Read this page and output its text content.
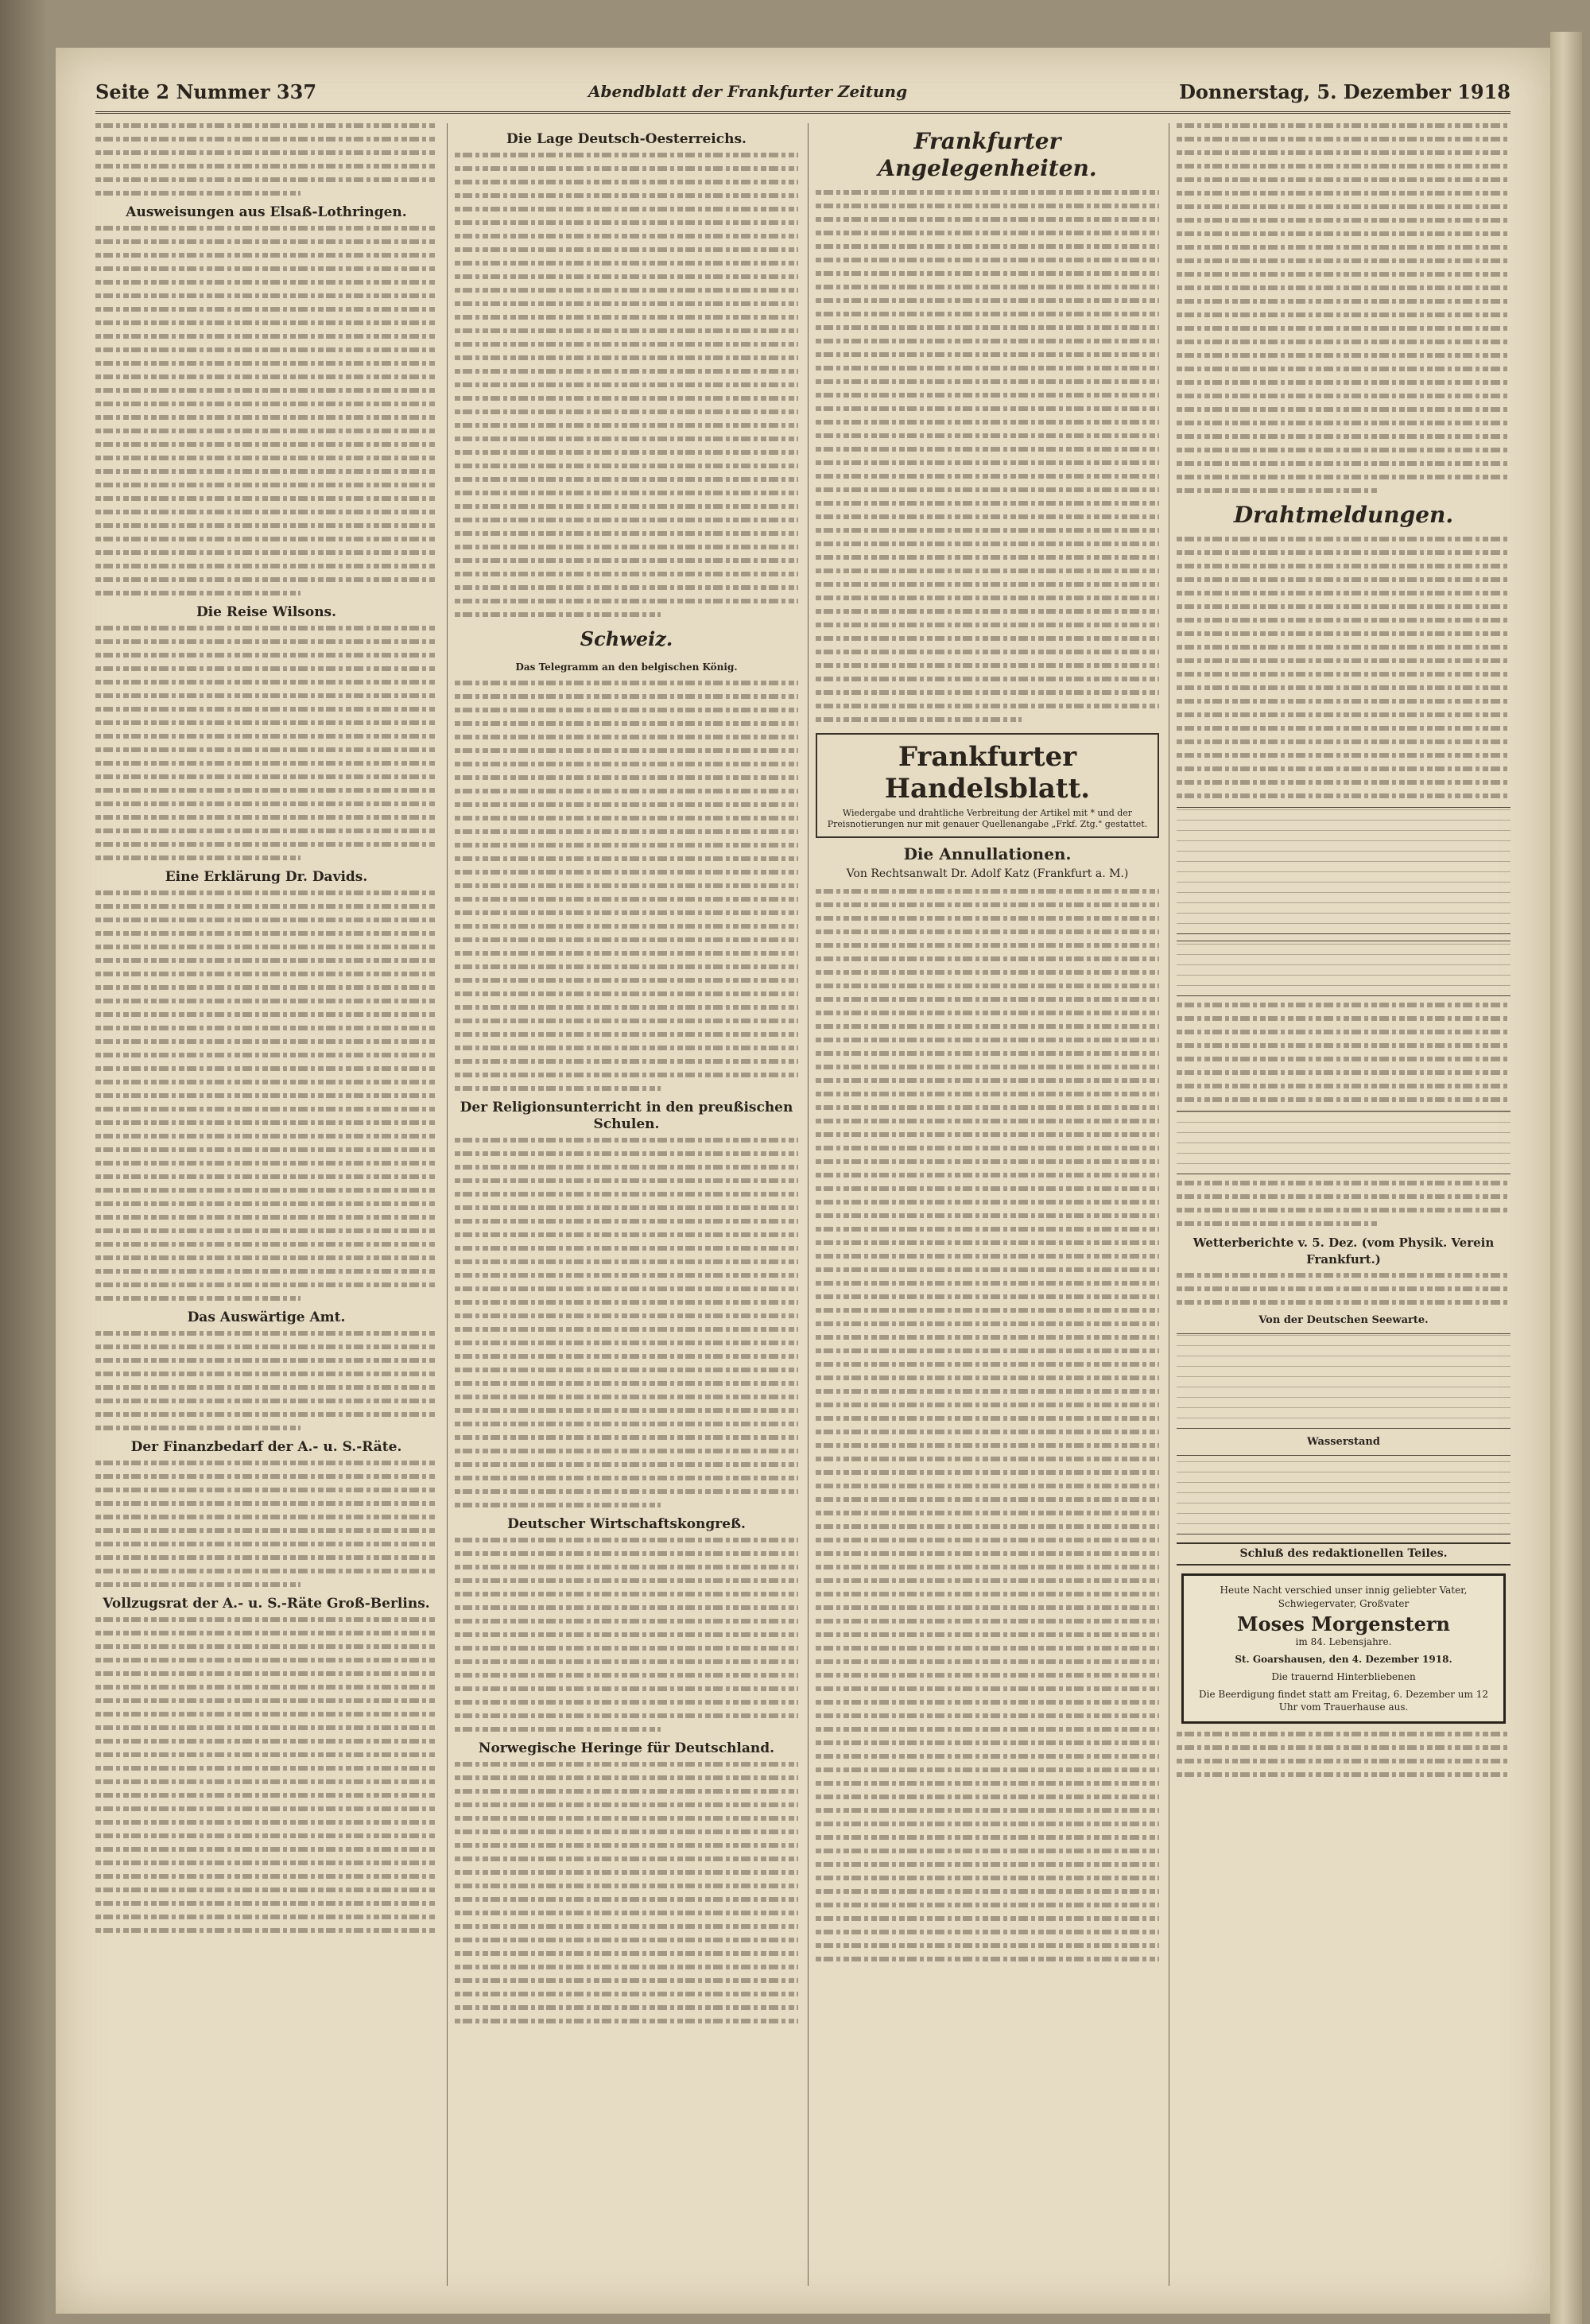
Seite 2 Nummer 337	Abendblatt der Frankfurter Zeitung	Donnerstag, 5. Dezember 1918
Ausweisungen aus Elsaß-Lothringen.
Die Reise Wilsons.
Eine Erklärung Dr. Davids.
Das Auswärtige Amt.
Der Finanzbedarf der A.- u. S.-Räte.
Vollzugsrat der A.- u. S.-Räte Groß-Berlins.
Die Lage Deutsch-Oesterreichs.
Schweiz.
Das Telegramm an den belgischen König.
Der Religionsunterricht in den preußischen Schulen.
Deutscher Wirtschaftskongreß.
Norwegische Heringe für Deutschland.
Frankfurter Angelegenheiten.
Frankfurter Handelsblatt.
Wiedergabe und drahtliche Verbreitung der Artikel mit * und der Preisnotierungen nur mit genauer Quellenangabe „Frkf. Ztg." gestattet.
Die Annullationen.
Von Rechtsanwalt Dr. Adolf Katz (Frankfurt a. M.)
Drahtmeldungen.
Wetterberichte v. 5. Dez. (vom Physik. Verein Frankfurt.)
Von der Deutschen Seewarte.
Wasserstand
Schluß des redaktionellen Teiles.
Heute Nacht verschied unser innig geliebter Vater, Schwiegervater, Großvater
Moses Morgenstern
im 84. Lebensjahre.
St. Goarshausen, den 4. Dezember 1918.
Die trauernd Hinterbliebenen
Die Beerdigung findet statt am Freitag, 6. Dezember um 12 Uhr vom Trauerhause aus.
